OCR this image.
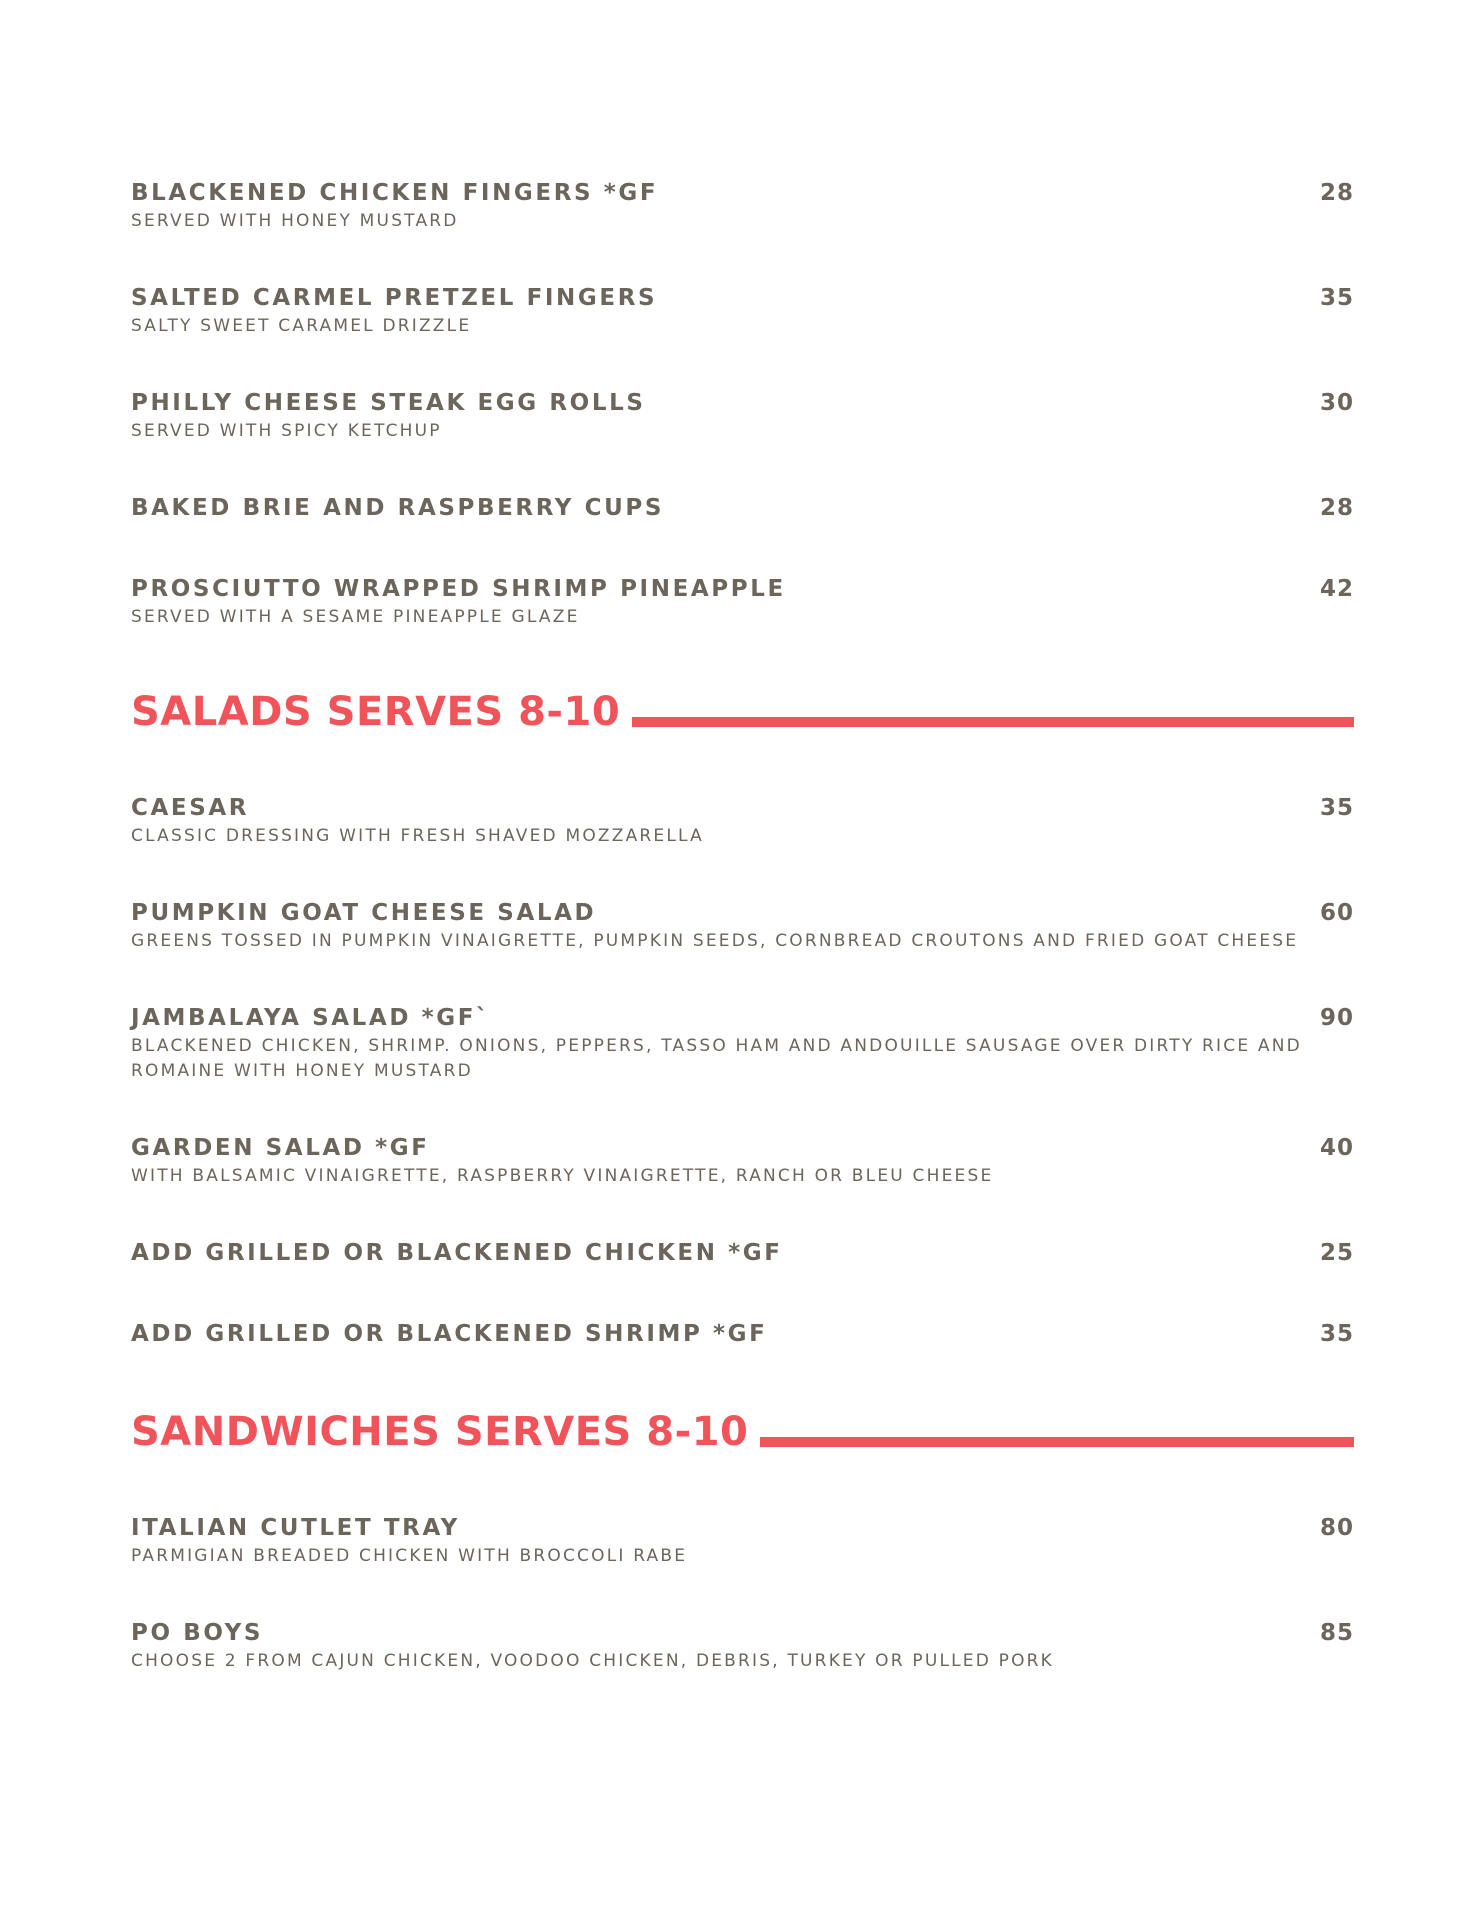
BLACKENED CHICKEN FINGERS *GF	28
SERVED WITH HONEY MUSTARD
SALTED CARMEL PRETZEL FINGERS	35
SALTY SWEET CARAMEL DRIZZLE
PHILLY CHEESE STEAK EGG ROLLS	30
SERVED WITH SPICY KETCHUP
BAKED BRIE AND RASPBERRY CUPS	28
PROSCIUTTO WRAPPED SHRIMP PINEAPPLE	42
SERVED WITH A SESAME PINEAPPLE GLAZE
SALADS SERVES 8-10
CAESAR	35
CLASSIC DRESSING WITH FRESH SHAVED MOZZARELLA
PUMPKIN GOAT CHEESE SALAD	60
GREENS TOSSED IN PUMPKIN VINAIGRETTE, PUMPKIN SEEDS, CORNBREAD CROUTONS AND FRIED GOAT CHEESE
JAMBALAYA SALAD *GF`	90
BLACKENED CHICKEN, SHRIMP. ONIONS, PEPPERS, TASSO HAM AND ANDOUILLE SAUSAGE OVER DIRTY RICE AND ROMAINE WITH HONEY MUSTARD
GARDEN SALAD *GF	40
WITH BALSAMIC VINAIGRETTE, RASPBERRY VINAIGRETTE, RANCH OR BLEU CHEESE
ADD GRILLED OR BLACKENED CHICKEN *GF	25
ADD GRILLED OR BLACKENED SHRIMP *GF	35
SANDWICHES SERVES 8-10
ITALIAN CUTLET TRAY	80
PARMIGIAN BREADED CHICKEN WITH BROCCOLI RABE
PO BOYS	85
CHOOSE 2 FROM CAJUN CHICKEN, VOODOO CHICKEN, DEBRIS, TURKEY OR PULLED PORK
